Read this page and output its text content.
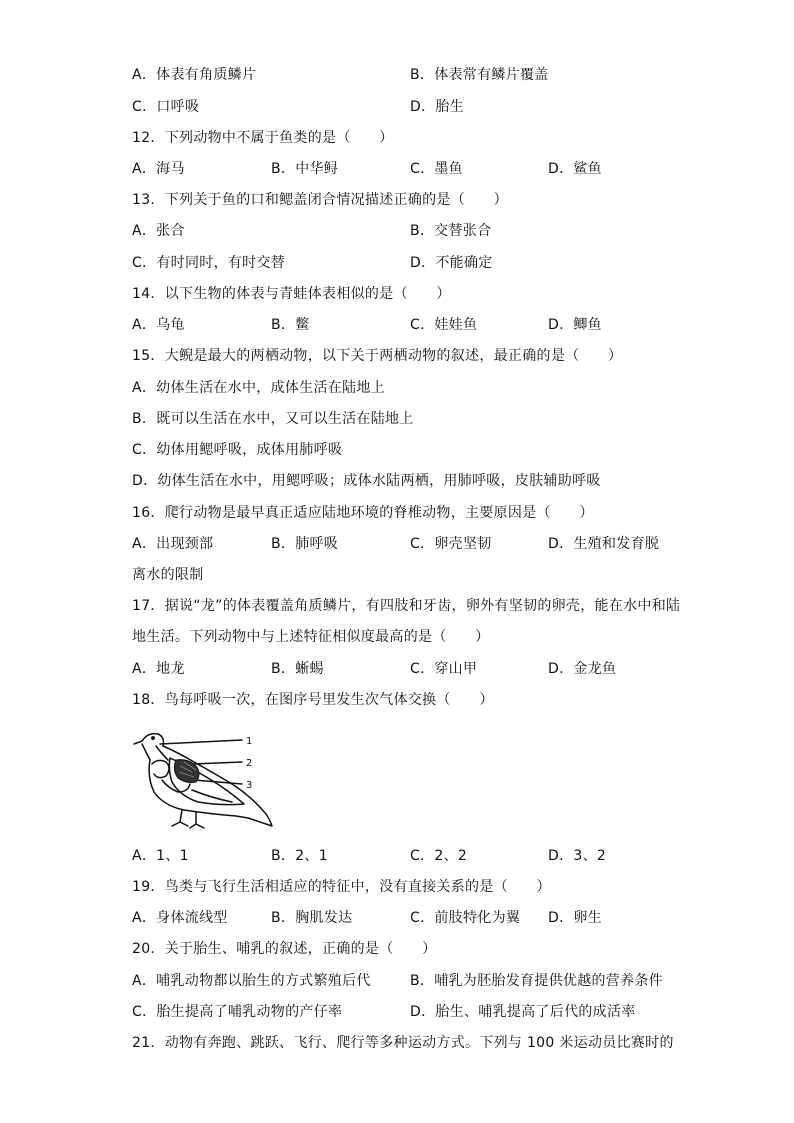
A．体表有角质鳞片	B．体表常有鳞片覆盖
C．口呼吸	D．胎生
12．下列动物中不属于鱼类的是（　　）
A．海马	B．中华鲟	C．墨鱼	D．鲨鱼
13．下列关于鱼的口和鳃盖闭合情况描述正确的是（　　）
A．张合	B．交替张合
C．有时同时，有时交替	D．不能确定
14．以下生物的体表与青蛙体表相似的是（　　）
A．乌龟	B．鳖	C．娃娃鱼	D．鲫鱼
15．大鲵是最大的两栖动物，以下关于两栖动物的叙述，最正确的是（　　）
A．幼体生活在水中，成体生活在陆地上
B．既可以生活在水中，又可以生活在陆地上
C．幼体用鳃呼吸，成体用肺呼吸
D．幼体生活在水中，用鳃呼吸；成体水陆两栖，用肺呼吸，皮肤辅助呼吸
16．爬行动物是最早真正适应陆地环境的脊椎动物，主要原因是（　　）
A．出现颈部	B．肺呼吸	C．卵壳坚韧	D．生殖和发育脱
离水的限制
17．据说“龙”的体表覆盖角质鳞片，有四肢和牙齿，卵外有坚韧的卵壳，能在水中和陆
地生活。下列动物中与上述特征相似度最高的是（　　）
A．地龙	B．蜥蜴	C．穿山甲	D．金龙鱼
18．鸟每呼吸一次，在图序号里发生次气体交换（　　）
1
2
3
A．1、1	B．2、1	C．2、2	D．3、2
19．鸟类与飞行生活相适应的特征中，没有直接关系的是（　　）
A．身体流线型	B．胸肌发达	C．前肢特化为翼 D．卵生
20．关于胎生、哺乳的叙述，正确的是（　　）
A．哺乳动物都以胎生的方式繁殖后代	B．哺乳为胚胎发育提供优越的营养条件
C．胎生提高了哺乳动物的产仔率	D．胎生、哺乳提高了后代的成活率
21．动物有奔跑、跳跃、飞行、爬行等多种运动方式。下列与 100 米运动员比赛时的
